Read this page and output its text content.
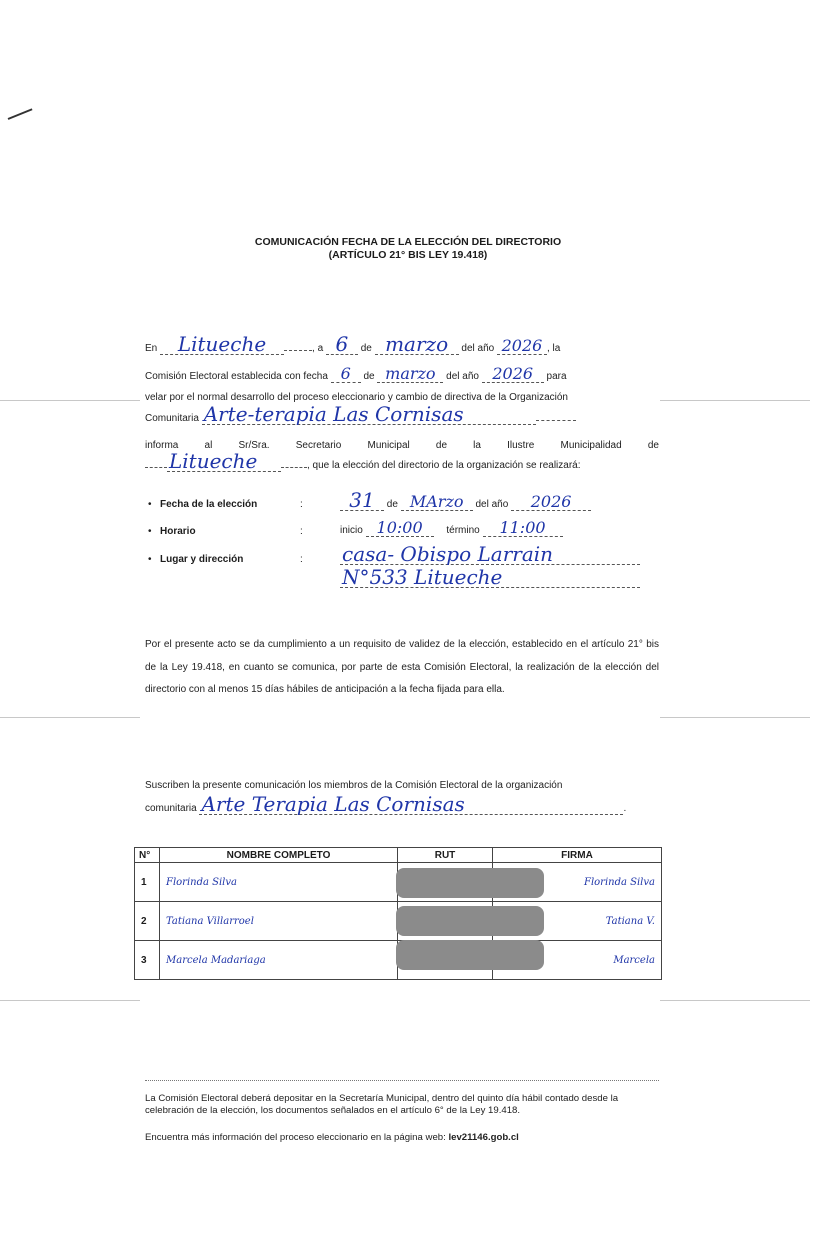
COMUNICACIÓN FECHA DE LA ELECCIÓN DEL DIRECTORIO
(ARTÍCULO 21° BIS LEY 19.418)
En Litueche	, a 6 de marzo del año 2026 , la
Comisión Electoral establecida con fecha 6 de marzo del año 2026 para
velar por el normal desarrollo del proceso eleccionario y cambio de directiva de la Organización
Comunitaria Arte-terapia Las Cornisas
informa	al	Sr/Sra.	Secretario	Municipal	de	la	Ilustre	Municipalidad	de
Litueche	, que la elección del directorio de la organización se realizará:
• Fecha de la elección	:	31 de MArzo del año 2026
• Horario	:	inicio 10:00 término 11:00
• Lugar y dirección	: casa- Obispo Larrain
N°533 Litueche
Por el presente acto se da cumplimiento a un requisito de validez de la elección, establecido en el artículo 21° bis de la Ley 19.418, en cuanto se comunica, por parte de esta Comisión Electoral, la realización de la elección del directorio con al menos 15 días hábiles de anticipación a la fecha fijada para ella.
Suscriben la presente comunicación los miembros de la Comisión Electoral de la organización
comunitaria Arte Terapia Las Cornisas	.
N°	NOMBRE COMPLETO	RUT	FIRMA
1	Florinda Silva		Florinda Silva
2	Tatiana Villarroel		Tatiana V.
3	Marcela Madariaga		Marcela
La Comisión Electoral deberá depositar en la Secretaría Municipal, dentro del quinto día hábil contado desde la celebración de la elección, los documentos señalados en el artículo 6° de la Ley 19.418.
Encuentra más información del proceso eleccionario en la página web: lev21146.gob.cl
